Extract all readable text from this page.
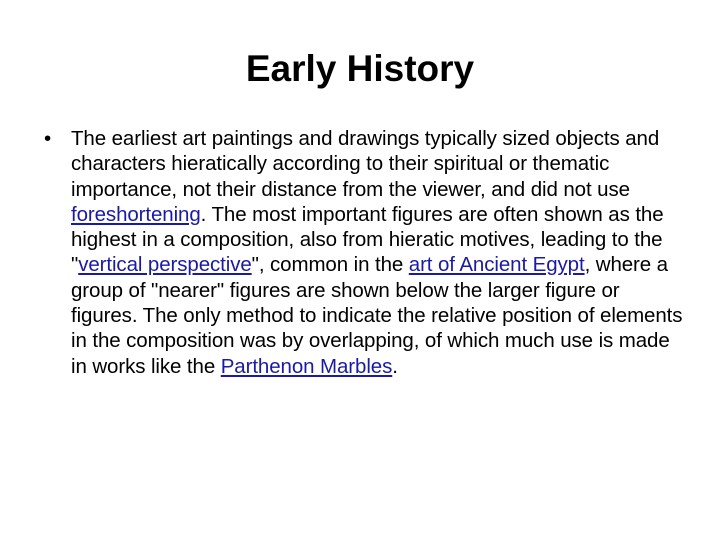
Early History
• The earliest art paintings and drawings typically sized objects and characters hieratically according to their spiritual or thematic importance, not their distance from the viewer, and did not use foreshortening. The most important figures are often shown as the highest in a composition, also from hieratic motives, leading to the "vertical perspective", common in the art of Ancient Egypt, where a group of "nearer" figures are shown below the larger figure or figures. The only method to indicate the relative position of elements in the composition was by overlapping, of which much use is made in works like the Parthenon Marbles.
